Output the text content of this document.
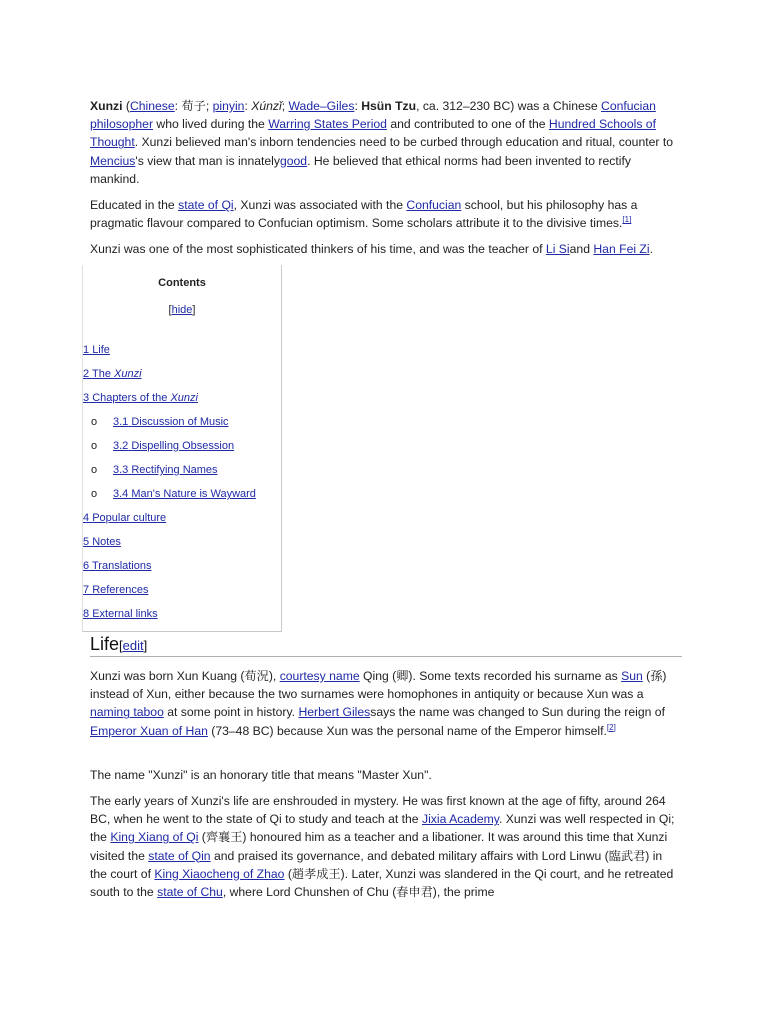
Xunzi (Chinese: 荀子; pinyin: Xúnzǐ; Wade–Giles: Hsün Tzu, ca. 312–230 BC) was a Chinese Confucian philosopher who lived during the Warring States Period and contributed to one of the Hundred Schools of Thought. Xunzi believed man's inborn tendencies need to be curbed through education and ritual, counter to Mencius's view that man is innatelygood. He believed that ethical norms had been invented to rectify mankind.

Educated in the state of Qi, Xunzi was associated with the Confucian school, but his philosophy has a pragmatic flavour compared to Confucian optimism. Some scholars attribute it to the divisive times.[1]

Xunzi was one of the most sophisticated thinkers of his time, and was the teacher of Li Siand Han Fei Zi.

Contents
[hide]
1 Life
2 The Xunzi
3 Chapters of the Xunzi
o 3.1 Discussion of Music
o 3.2 Dispelling Obsession
o 3.3 Rectifying Names
o 3.4 Man's Nature is Wayward
4 Popular culture
5 Notes
6 Translations
7 References
8 External links
Life[edit]

Xunzi was born Xun Kuang (荀況), courtesy name Qing (卿). Some texts recorded his surname as Sun (孫) instead of Xun, either because the two surnames were homophones in antiquity or because Xun was a naming taboo at some point in history. Herbert Gilessays the name was changed to Sun during the reign of Emperor Xuan of Han (73–48 BC) because Xun was the personal name of the Emperor himself.[2]

The name "Xunzi" is an honorary title that means "Master Xun".

The early years of Xunzi's life are enshrouded in mystery. He was first known at the age of fifty, around 264 BC, when he went to the state of Qi to study and teach at the Jixia Academy. Xunzi was well respected in Qi; the King Xiang of Qi (齊襄王) honoured him as a teacher and a libationer. It was around this time that Xunzi visited the state of Qin and praised its governance, and debated military affairs with Lord Linwu (臨武君) in the court of King Xiaocheng of Zhao (趙孝成王). Later, Xunzi was slandered in the Qi court, and he retreated south to the state of Chu, where Lord Chunshen of Chu (春申君), the prime
